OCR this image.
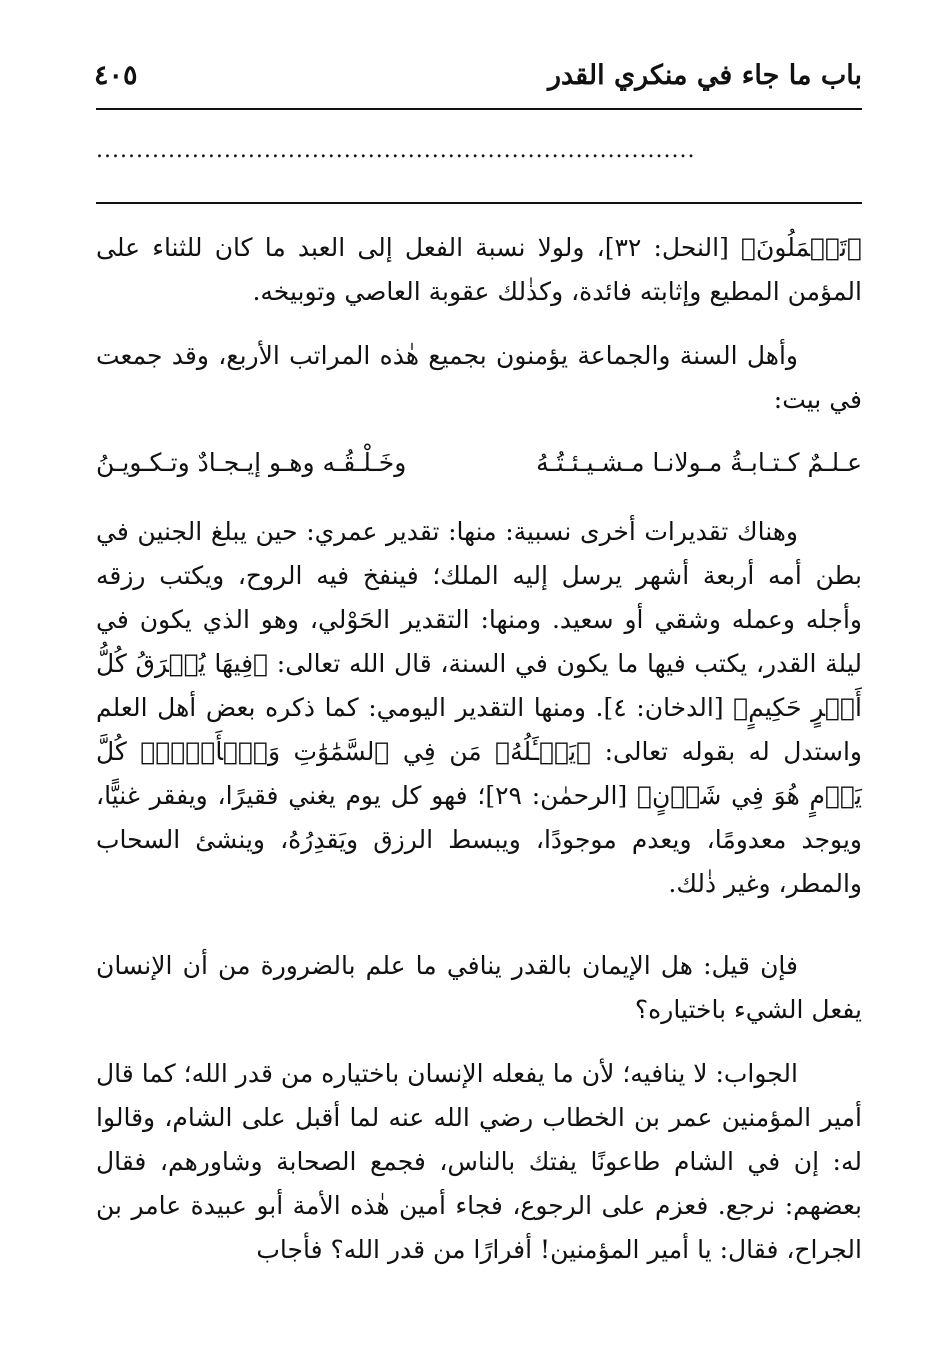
باب ما جاء في منكري القدر
٤٠٥
...........................................................................

﴿تَعۡمَلُونَ﴾ [النحل: ٣٢]، ولولا نسبة الفعل إلى العبد ما كان للثناء على المؤمن المطيع وإثابته فائدة، وكذٰلك عقوبة العاصي وتوبيخه.

وأهل السنة والجماعة يؤمنون بجميع هٰذه المراتب الأربع، وقد جمعت في بيت:

عـلـمٌ كـتـابـةُ مـولانـا مـشـيـئـتُـهُ
وخَـلْـقُـه وهـو إيـجـادٌ وتـكـويـنُ

وهناك تقديرات أخرى نسبية: منها: تقدير عمري: حين يبلغ الجنين في بطن أمه أربعة أشهر يرسل إليه الملك؛ فينفخ فيه الروح، ويكتب رزقه وأجله وعمله وشقي أو سعيد. ومنها: التقدير الحَوْلي، وهو الذي يكون في ليلة القدر، يكتب فيها ما يكون في السنة، قال الله تعالى: ﴿فِيهَا يُفۡرَقُ كُلُّ أَمۡرٍ حَكِيمٍ﴾ [الدخان: ٤]. ومنها التقدير اليومي: كما ذكره بعض أهل العلم واستدل له بقوله تعالى: ﴿يَسۡـَٔلُهُۥ مَن فِي ٱلسَّمَٰوَٰتِ وَٱلۡأَرۡضِۚ كُلَّ يَوۡمٍ هُوَ فِي شَأۡنٍ﴾ [الرحمٰن: ٢٩]؛ فهو كل يوم يغني فقيرًا، ويفقر غنيًّا، ويوجد معدومًا، ويعدم موجودًا، ويبسط الرزق ويَقدِرُهُ، وينشئ السحاب والمطر، وغير ذٰلك.

فإن قيل: هل الإيمان بالقدر ينافي ما علم بالضرورة من أن الإنسان يفعل الشيء باختياره؟

الجواب: لا ينافيه؛ لأن ما يفعله الإنسان باختياره من قدر الله؛ كما قال أمير المؤمنين عمر بن الخطاب رضي الله عنه لما أقبل على الشام، وقالوا له: إن في الشام طاعونًا يفتك بالناس، فجمع الصحابة وشاورهم، فقال بعضهم: نرجع. فعزم على الرجوع، فجاء أمين هٰذه الأمة أبو عبيدة عامر بن الجراح، فقال: يا أمير المؤمنين! أفرارًا من قدر الله؟ فأجاب
